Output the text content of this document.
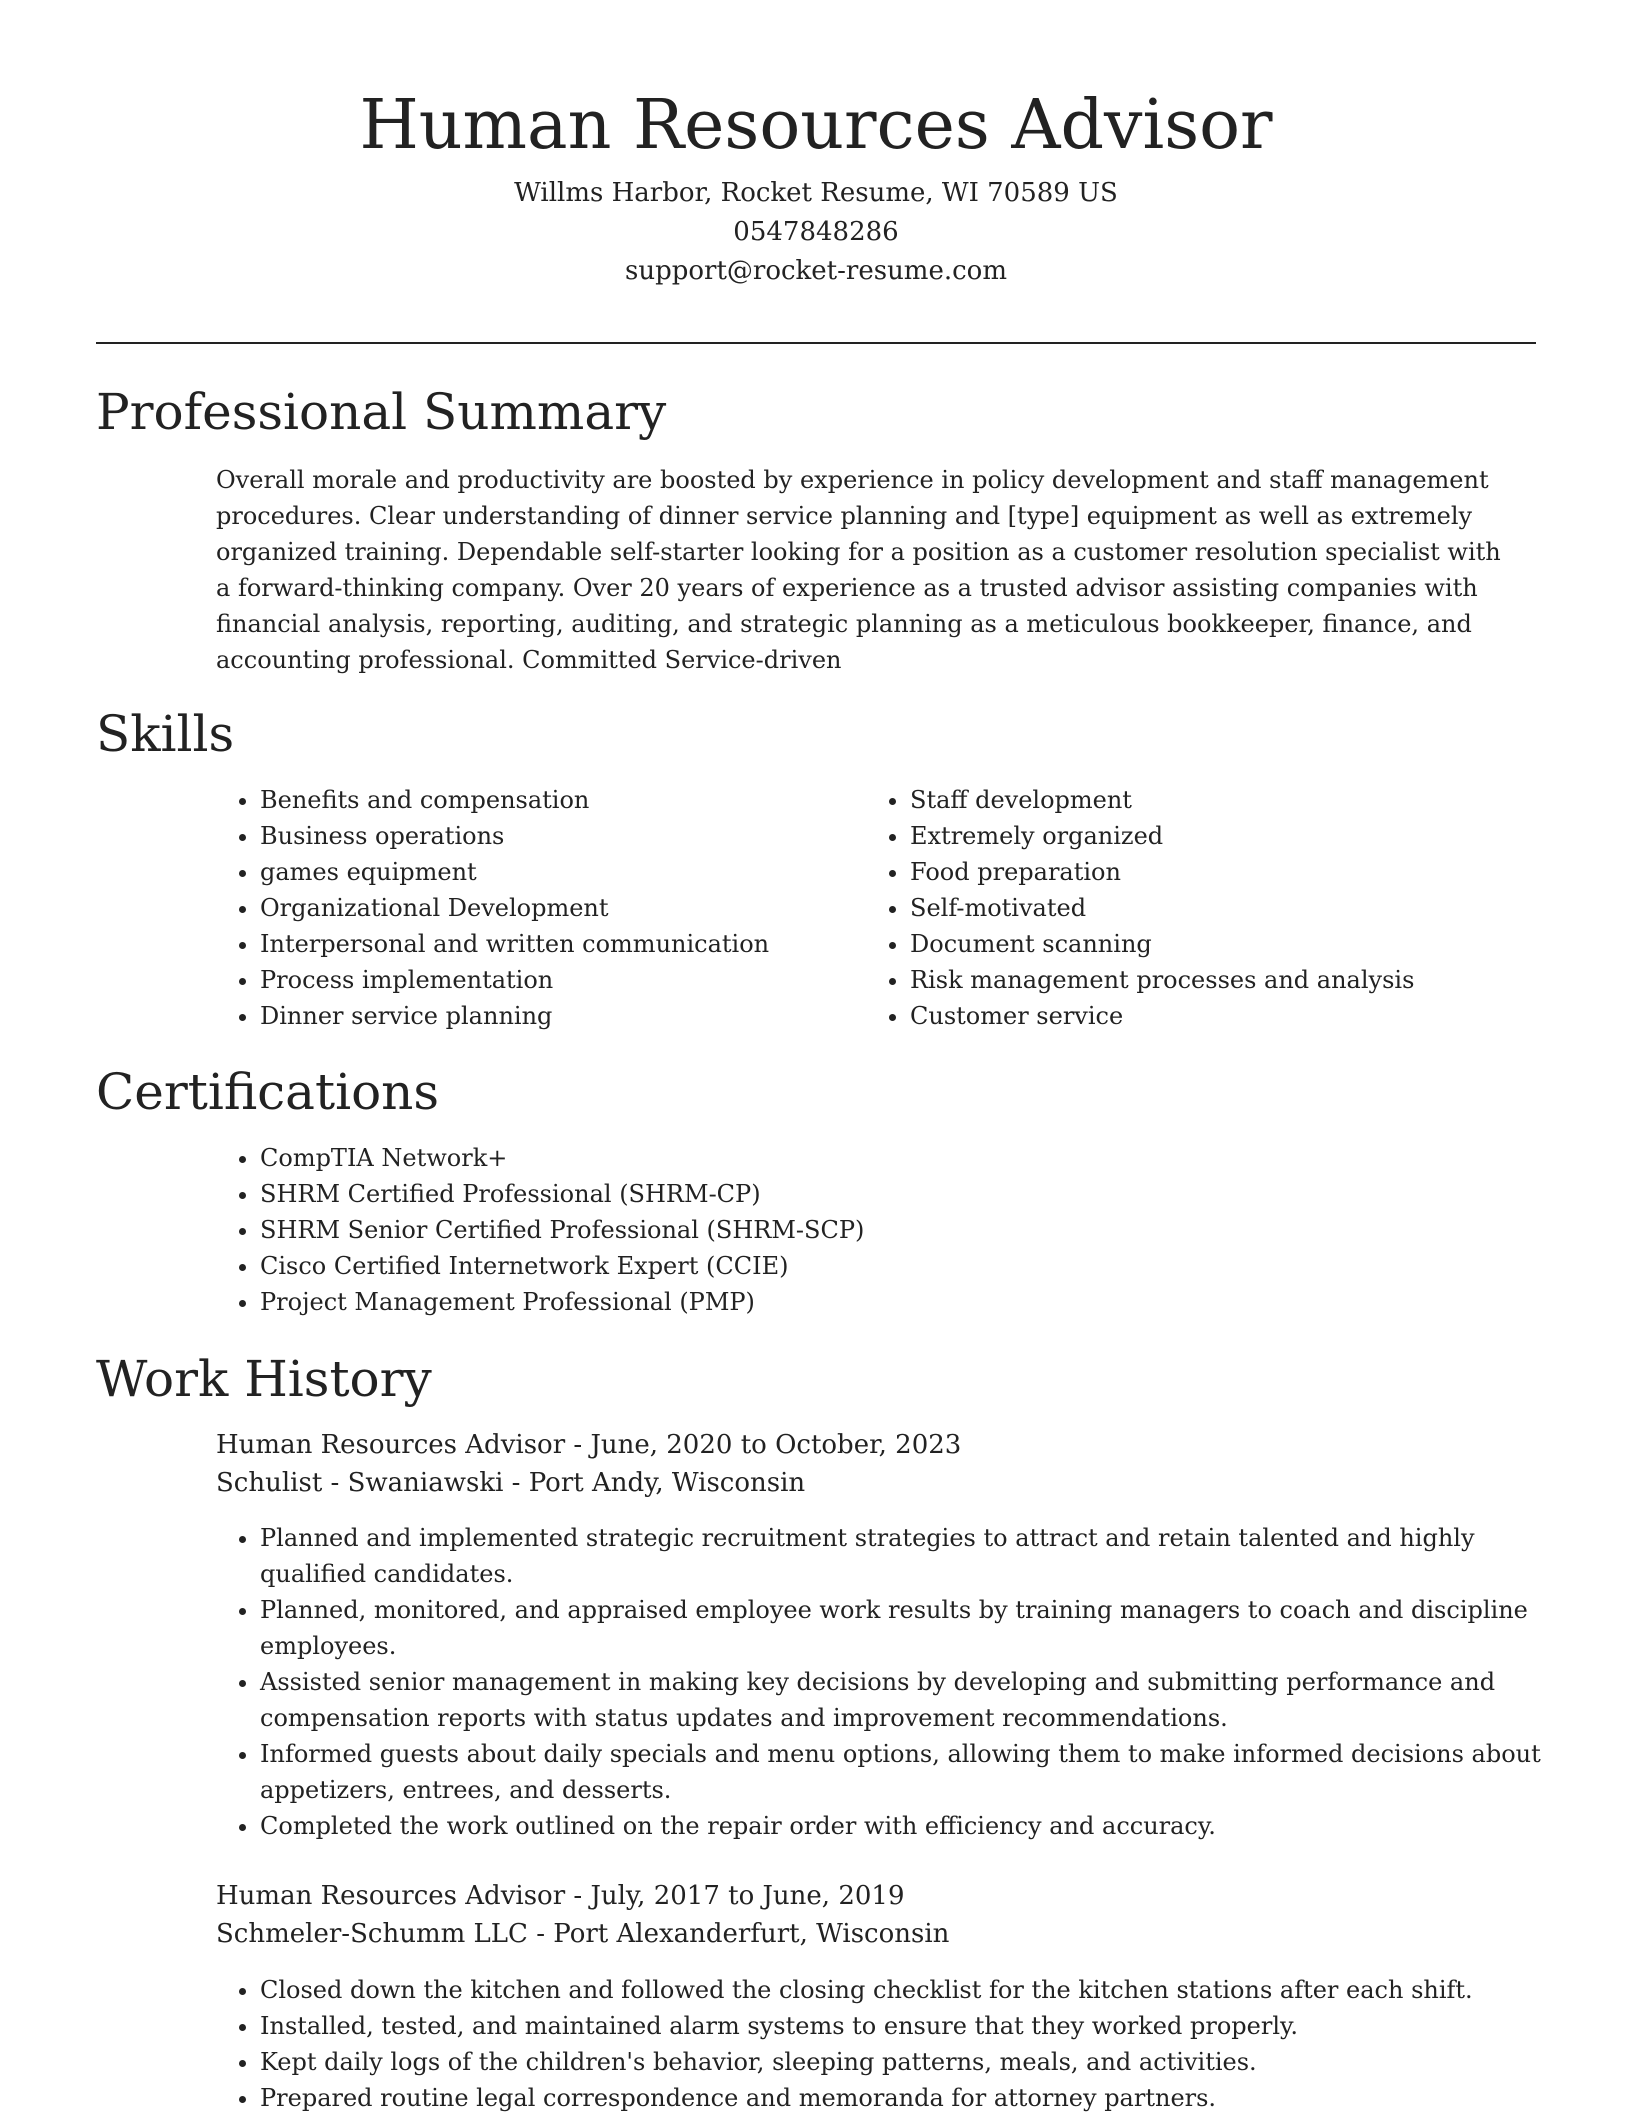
Human Resources Advisor

Willms Harbor, Rocket Resume, WI 70589 US

0547848286

support@rocket-resume.com

Professional Summary

Overall morale and productivity are boosted by experience in policy development and staff management procedures. Clear understanding of dinner service planning and [type] equipment as well as extremely organized training. Dependable self-starter looking for a position as a customer resolution specialist with a forward-thinking company. Over 20 years of experience as a trusted advisor assisting companies with financial analysis, reporting, auditing, and strategic planning as a meticulous bookkeeper, finance, and accounting professional. Committed Service-driven

Skills
• Benefits and compensation
• Business operations
• games equipment
• Organizational Development
• Interpersonal and written communication
• Process implementation
• Dinner service planning
• Staff development
• Extremely organized
• Food preparation
• Self-motivated
• Document scanning
• Risk management processes and analysis
• Customer service
Certifications
• CompTIA Network+
• SHRM Certified Professional (SHRM-CP)
• SHRM Senior Certified Professional (SHRM-SCP)
• Cisco Certified Internetwork Expert (CCIE)
• Project Management Professional (PMP)
Work History

Human Resources Advisor - June, 2020 to October, 2023

Schulist - Swaniawski - Port Andy, Wisconsin

• Planned and implemented strategic recruitment strategies to attract and retain talented and highly qualified candidates.
• Planned, monitored, and appraised employee work results by training managers to coach and discipline employees.
• Assisted senior management in making key decisions by developing and submitting performance and compensation reports with status updates and improvement recommendations.
• Informed guests about daily specials and menu options, allowing them to make informed decisions about appetizers, entrees, and desserts.
• Completed the work outlined on the repair order with efficiency and accuracy.

Human Resources Advisor - July, 2017 to June, 2019

Schmeler-Schumm LLC - Port Alexanderfurt, Wisconsin

• Closed down the kitchen and followed the closing checklist for the kitchen stations after each shift.
• Installed, tested, and maintained alarm systems to ensure that they worked properly.
• Kept daily logs of the children's behavior, sleeping patterns, meals, and activities.
• Prepared routine legal correspondence and memoranda for attorney partners.
